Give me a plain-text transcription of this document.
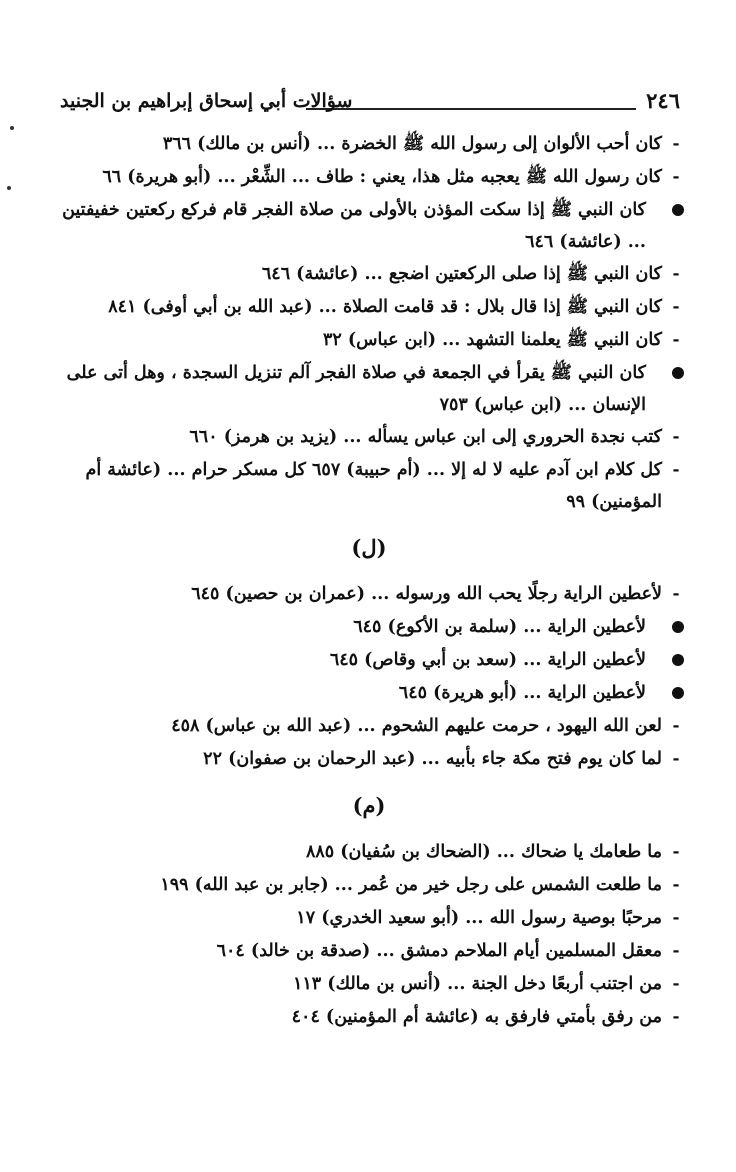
٢٤٦
سؤالات أبي إسحاق إبراهيم بن الجنيد
-
كان أحب الألوان إلى رسول الله ﷺ الخضرة ... (أنس بن مالك) ٣٦٦
-
كان رسول الله ﷺ يعجبه مثل هذا، يعني : طاف ... الشِّعْر ... (أبو هريرة) ٦٦
كان النبي ﷺ إذا سكت المؤذن بالأولى من صلاة الفجر قام فركع ركعتين خفيفتين ... (عائشة) ٦٤٦
-
كان النبي ﷺ إذا صلى الركعتين اضجع ... (عائشة) ٦٤٦
-
كان النبي ﷺ إذا قال بلال : قد قامت الصلاة ... (عبد الله بن أبي أوفى) ٨٤١
-
كان النبي ﷺ يعلمنا التشهد ... (ابن عباس) ٣٢
كان النبي ﷺ يقرأ في الجمعة في صلاة الفجر آلم تنزيل السجدة ، وهل أتى على الإنسان ... (ابن عباس) ٧٥٣
-
كتب نجدة الحروري إلى ابن عباس يسأله ... (يزيد بن هرمز) ٦٦٠
-
كل كلام ابن آدم عليه لا له إلا ... (أم حبيبة) ٦٥٧ كل مسكر حرام ... (عائشة أم المؤمنين) ٩٩
(ل)
-
لأعطين الراية رجلًا يحب الله ورسوله ... (عمران بن حصين) ٦٤٥
لأعطين الراية ... (سلمة بن الأكوع) ٦٤٥
لأعطين الراية ... (سعد بن أبي وقاص) ٦٤٥
لأعطين الراية ... (أبو هريرة) ٦٤٥
-
لعن الله اليهود ، حرمت عليهم الشحوم ... (عبد الله بن عباس) ٤٥٨
-
لما كان يوم فتح مكة جاء بأبيه ... (عبد الرحمان بن صفوان) ٢٢
(م)
-
ما طعامك يا ضحاك ... (الضحاك بن سُفيان) ٨٨٥
-
ما طلعت الشمس على رجل خير من عُمر ... (جابر بن عبد الله) ١٩٩
-
مرحبًا بوصية رسول الله ... (أبو سعيد الخدري) ١٧
-
معقل المسلمين أيام الملاحم دمشق ... (صدقة بن خالد) ٦٠٤
-
من اجتنب أربعًا دخل الجنة ... (أنس بن مالك) ١١٣
-
من رفق بأمتي فارفق به (عائشة أم المؤمنين) ٤٠٤
